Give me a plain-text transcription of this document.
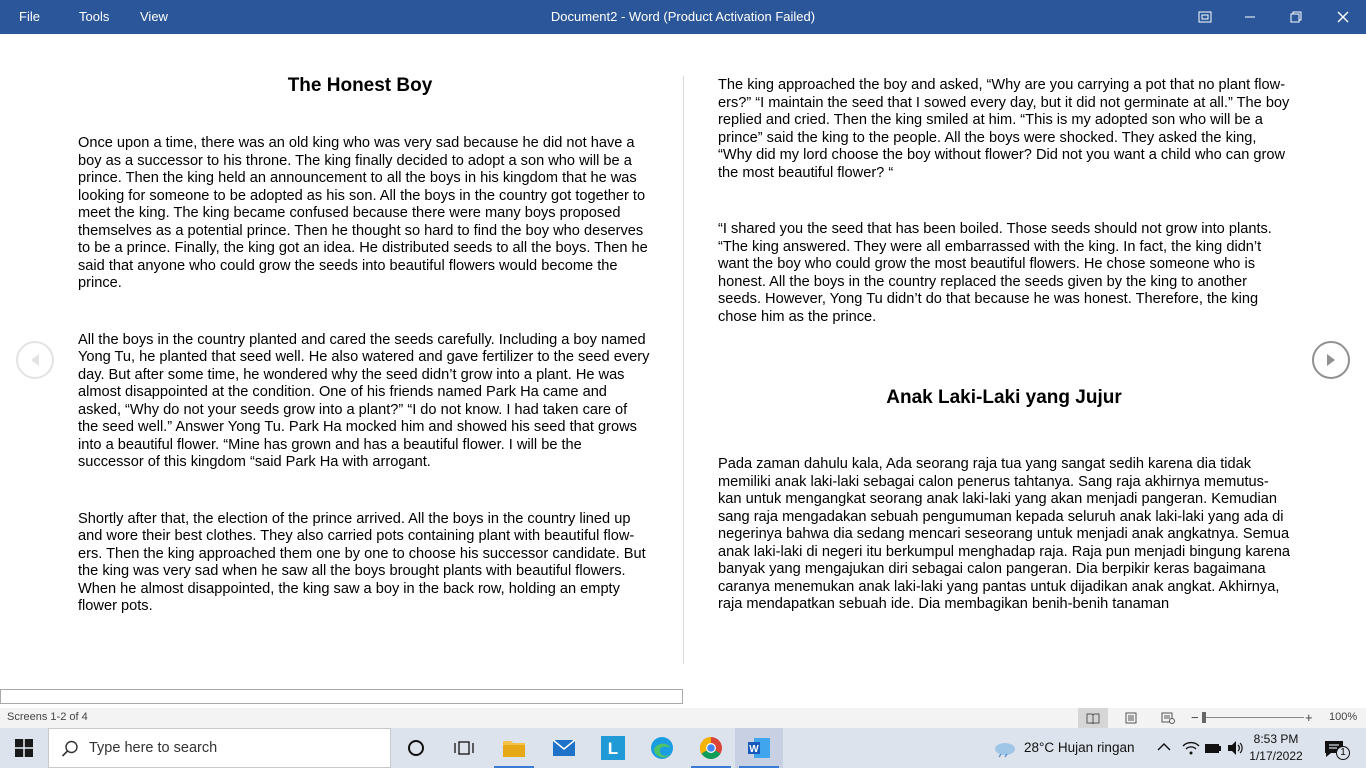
File	Tools View	Document2 - Word (Product Activation Failed)
The Honest Boy

Once upon a time, there was an old king who was very sad because he did not have a boy as a successor to his throne. The king finally decided to adopt a son who will be a prince. Then the king held an announcement to all the boys in his kingdom that he was looking for someone to be adopted as his son. All the boys in the country got together to meet the king. The king became confused because there were many boys proposed themselves as a potential prince. Then he thought so hard to find the boy who deserves to be a prince. Finally, the king got an idea. He distributed seeds to all the boys. Then he said that anyone who could grow the seeds into beautiful flowers would become the prince.

All the boys in the country planted and cared the seeds carefully. Including a boy named Yong Tu, he planted that seed well. He also watered and gave fertilizer to the seed every day. But after some time, he wondered why the seed didn’t grow into a plant. He was almost disappointed at the condition. One of his friends named Park Ha came and asked, “Why do not your seeds grow into a plant?” “I do not know. I had taken care of the seed well.” Answer Yong Tu. Park Ha mocked him and showed his seed that grows into a beautiful flower. “Mine has grown and has a beautiful flower. I will be the successor of this kingdom “said Park Ha with arrogant.

Shortly after that, the election of the prince arrived. All the boys in the country lined up and wore their best clothes. They also carried pots containing plant with beautiful flow-ers. Then the king approached them one by one to choose his successor candidate. But the king was very sad when he saw all the boys brought plants with beautiful flowers. When he almost disappointed, the king saw a boy in the back row, holding an empty flower pots.

The king approached the boy and asked, “Why are you carrying a pot that no plant flow-ers?” “I maintain the seed that I sowed every day, but it did not germinate at all.” The boy replied and cried. Then the king smiled at him. “This is my adopted son who will be a prince” said the king to the people. All the boys were shocked. They asked the king, “Why did my lord choose the boy without flower? Did not you want a child who can grow the most beautiful flower? “

“I shared you the seed that has been boiled. Those seeds should not grow into plants. “The king answered. They were all embarrassed with the king. In fact, the king didn’t want the boy who could grow the most beautiful flowers. He chose someone who is honest. All the boys in the country replaced the seeds given by the king to another seeds. However, Yong Tu didn’t do that because he was honest. Therefore, the king chose him as the prince.

Anak Laki-Laki yang Jujur

Pada zaman dahulu kala, Ada seorang raja tua yang sangat sedih karena dia tidak memiliki anak laki-laki sebagai calon penerus tahtanya. Sang raja akhirnya memutus-kan untuk mengangkat seorang anak laki-laki yang akan menjadi pangeran. Kemudian sang raja mengadakan sebuah pengumuman kepada seluruh anak laki-laki yang ada di negerinya bahwa dia sedang mencari seseorang untuk menjadi anak angkatnya. Semua anak laki-laki di negeri itu berkumpul menghadap raja. Raja pun menjadi bingung karena banyak yang mengajukan diri sebagai calon pangeran. Dia berpikir keras bagaimana caranya menemukan anak laki-laki yang pantas untuk dijadikan anak angkat. Akhirnya, raja mendapatkan sebuah ide. Dia membagikan benih-benih tanaman

Screens 1-2 of 4	−	+ 100%
Type here to search	L	W	28°C Hujan ringan
8:53 PM
1/17/2022	1
